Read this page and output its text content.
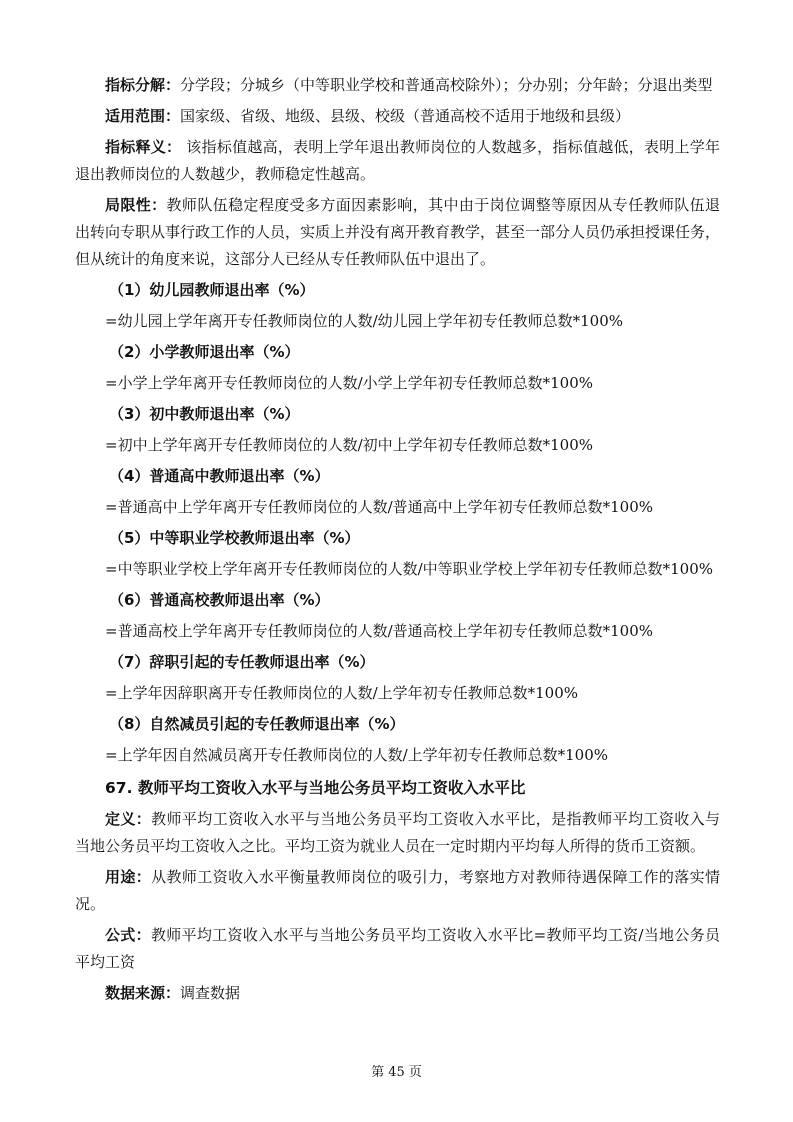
指标分解：分学段；分城乡（中等职业学校和普通高校除外）；分办别；分年龄；分退出类型

适用范围：国家级、省级、地级、县级、校级（普通高校不适用于地级和县级）

指标释义： 该指标值越高，表明上学年退出教师岗位的人数越多，指标值越低，表明上学年退出教师岗位的人数越少，教师稳定性越高。

局限性：教师队伍稳定程度受多方面因素影响，其中由于岗位调整等原因从专任教师队伍退出转向专职从事行政工作的人员，实质上并没有离开教育教学，甚至一部分人员仍承担授课任务，但从统计的角度来说，这部分人已经从专任教师队伍中退出了。

（1）幼儿园教师退出率（%）
=幼儿园上学年离开专任教师岗位的人数/幼儿园上学年初专任教师总数*100%
（2）小学教师退出率（%）
=小学上学年离开专任教师岗位的人数/小学上学年初专任教师总数*100%
（3）初中教师退出率（%）
=初中上学年离开专任教师岗位的人数/初中上学年初专任教师总数*100%
（4）普通高中教师退出率（%）
=普通高中上学年离开专任教师岗位的人数/普通高中上学年初专任教师总数*100%
（5）中等职业学校教师退出率（%）
=中等职业学校上学年离开专任教师岗位的人数/中等职业学校上学年初专任教师总数*100%
（6）普通高校教师退出率（%）
=普通高校上学年离开专任教师岗位的人数/普通高校上学年初专任教师总数*100%
（7）辞职引起的专任教师退出率（%）
=上学年因辞职离开专任教师岗位的人数/上学年初专任教师总数*100%
（8）自然减员引起的专任教师退出率（%）
=上学年因自然减员离开专任教师岗位的人数/上学年初专任教师总数*100%
67. 教师平均工资收入水平与当地公务员平均工资收入水平比

定义：教师平均工资收入水平与当地公务员平均工资收入水平比，是指教师平均工资收入与当地公务员平均工资收入之比。平均工资为就业人员在一定时期内平均每人所得的货币工资额。

用途：从教师工资收入水平衡量教师岗位的吸引力，考察地方对教师待遇保障工作的落实情况。

公式：教师平均工资收入水平与当地公务员平均工资收入水平比=教师平均工资/当地公务员平均工资

数据来源：调查数据

第 45 页
